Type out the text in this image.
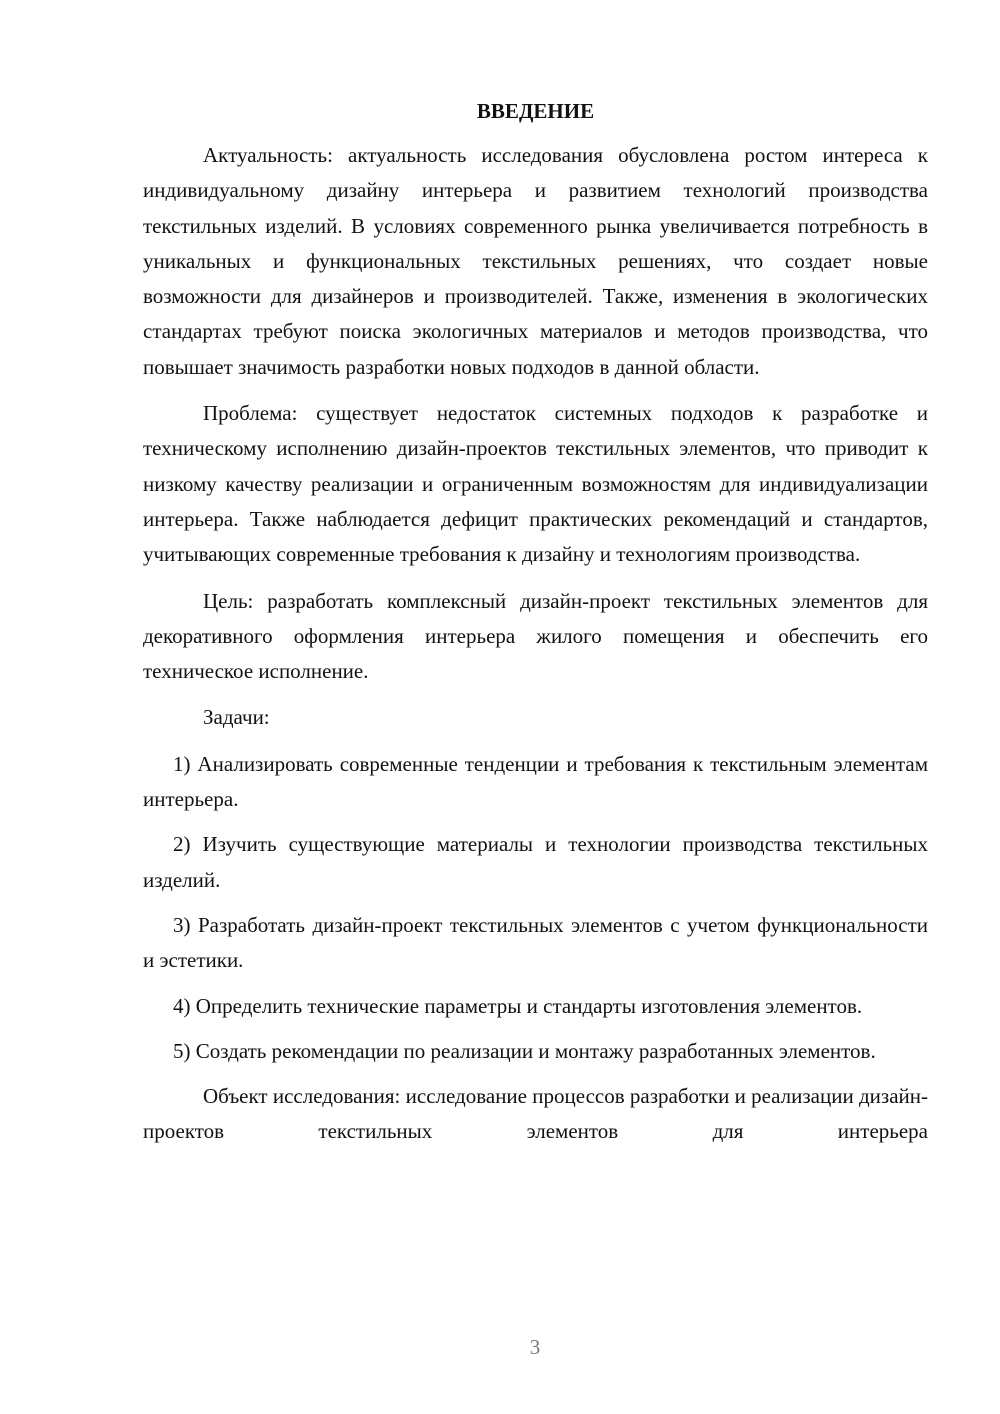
ВВЕДЕНИЕ

Актуальность: актуальность исследования обусловлена ростом интереса к индивидуальному дизайну интерьера и развитием технологий производства текстильных изделий. В условиях современного рынка увеличивается потребность в уникальных и функциональных текстильных решениях, что создает новые возможности для дизайнеров и производителей. Также, изменения в экологических стандартах требуют поиска экологичных материалов и методов производства, что повышает значимость разработки новых подходов в данной области.

Проблема: существует недостаток системных подходов к разработке и техническому исполнению дизайн-проектов текстильных элементов, что приводит к низкому качеству реализации и ограниченным возможностям для индивидуализации интерьера. Также наблюдается дефицит практических рекомендаций и стандартов, учитывающих современные требования к дизайну и технологиям производства.

Цель: разработать комплексный дизайн-проект текстильных элементов для декоративного оформления интерьера жилого помещения и обеспечить его техническое исполнение.

Задачи:

1) Анализировать современные тенденции и требования к текстильным элементам интерьера.

2) Изучить существующие материалы и технологии производства текстильных изделий.

3) Разработать дизайн-проект текстильных элементов с учетом функциональности и эстетики.

4) Определить технические параметры и стандарты изготовления элементов.

5) Создать рекомендации по реализации и монтажу разработанных элементов.

Объект исследования: исследование процессов разработки и реализации дизайн-проектов текстильных элементов для интерьера

3
